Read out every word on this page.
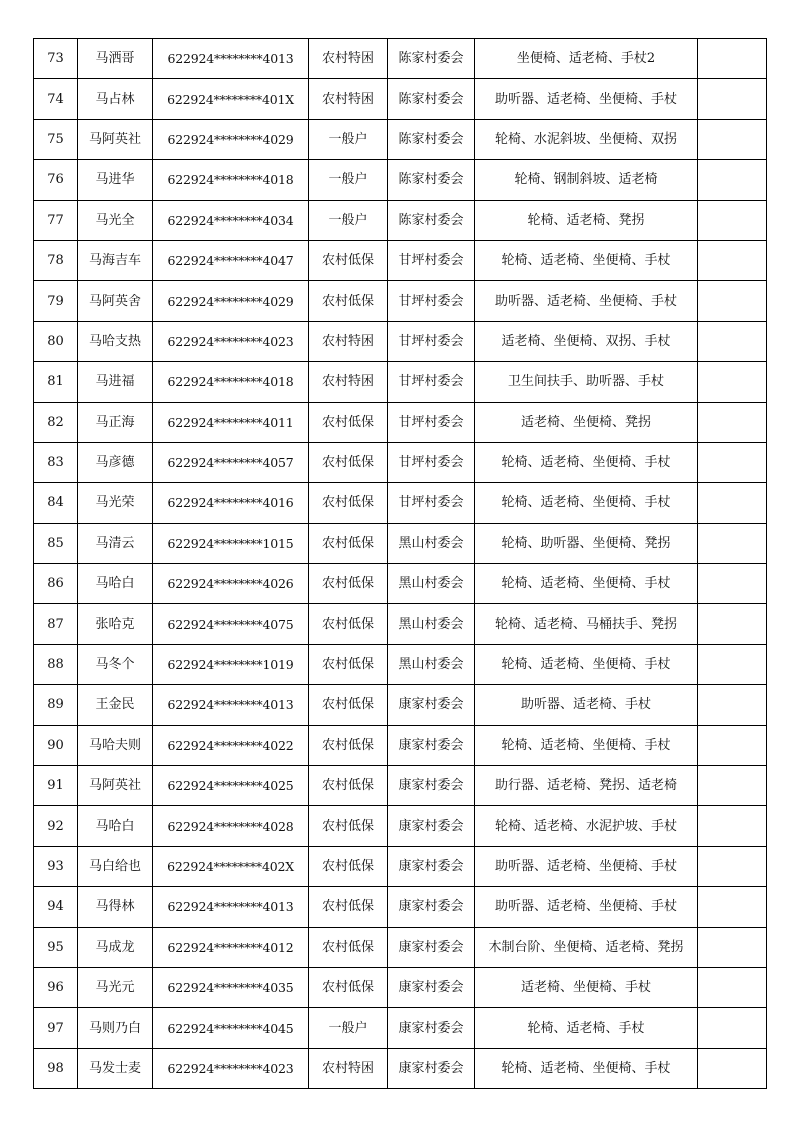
73	马洒哥	622924********4013	农村特困	陈家村委会	坐便椅、适老椅、手杖2	
74	马占林	622924********401X	农村特困	陈家村委会	助听器、适老椅、坐便椅、手杖	
75	马阿英社	622924********4029	一般户	陈家村委会	轮椅、水泥斜坡、坐便椅、双拐	
76	马进华	622924********4018	一般户	陈家村委会	轮椅、钢制斜坡、适老椅	
77	马光全	622924********4034	一般户	陈家村委会	轮椅、适老椅、凳拐	
78	马海吉车	622924********4047	农村低保	甘坪村委会	轮椅、适老椅、坐便椅、手杖	
79	马阿英舍	622924********4029	农村低保	甘坪村委会	助听器、适老椅、坐便椅、手杖	
80	马哈支热	622924********4023	农村特困	甘坪村委会	适老椅、坐便椅、双拐、手杖	
81	马进福	622924********4018	农村特困	甘坪村委会	卫生间扶手、助听器、手杖	
82	马正海	622924********4011	农村低保	甘坪村委会	适老椅、坐便椅、凳拐	
83	马彦德	622924********4057	农村低保	甘坪村委会	轮椅、适老椅、坐便椅、手杖	
84	马光荣	622924********4016	农村低保	甘坪村委会	轮椅、适老椅、坐便椅、手杖	
85	马清云	622924********1015	农村低保	黑山村委会	轮椅、助听器、坐便椅、凳拐	
86	马哈白	622924********4026	农村低保	黑山村委会	轮椅、适老椅、坐便椅、手杖	
87	张哈克	622924********4075	农村低保	黑山村委会	轮椅、适老椅、马桶扶手、凳拐	
88	马冬个	622924********1019	农村低保	黑山村委会	轮椅、适老椅、坐便椅、手杖	
89	王金民	622924********4013	农村低保	康家村委会	助听器、适老椅、手杖	
90	马哈夫则	622924********4022	农村低保	康家村委会	轮椅、适老椅、坐便椅、手杖	
91	马阿英社	622924********4025	农村低保	康家村委会	助行器、适老椅、凳拐、适老椅	
92	马哈白	622924********4028	农村低保	康家村委会	轮椅、适老椅、水泥护坡、手杖	
93	马白给也	622924********402X	农村低保	康家村委会	助听器、适老椅、坐便椅、手杖	
94	马得林	622924********4013	农村低保	康家村委会	助听器、适老椅、坐便椅、手杖	
95	马成龙	622924********4012	农村低保	康家村委会	木制台阶、坐便椅、适老椅、凳拐	
96	马光元	622924********4035	农村低保	康家村委会	适老椅、坐便椅、手杖	
97	马则乃白	622924********4045	一般户	康家村委会	轮椅、适老椅、手杖	
98	马发士麦	622924********4023	农村特困	康家村委会	轮椅、适老椅、坐便椅、手杖	
